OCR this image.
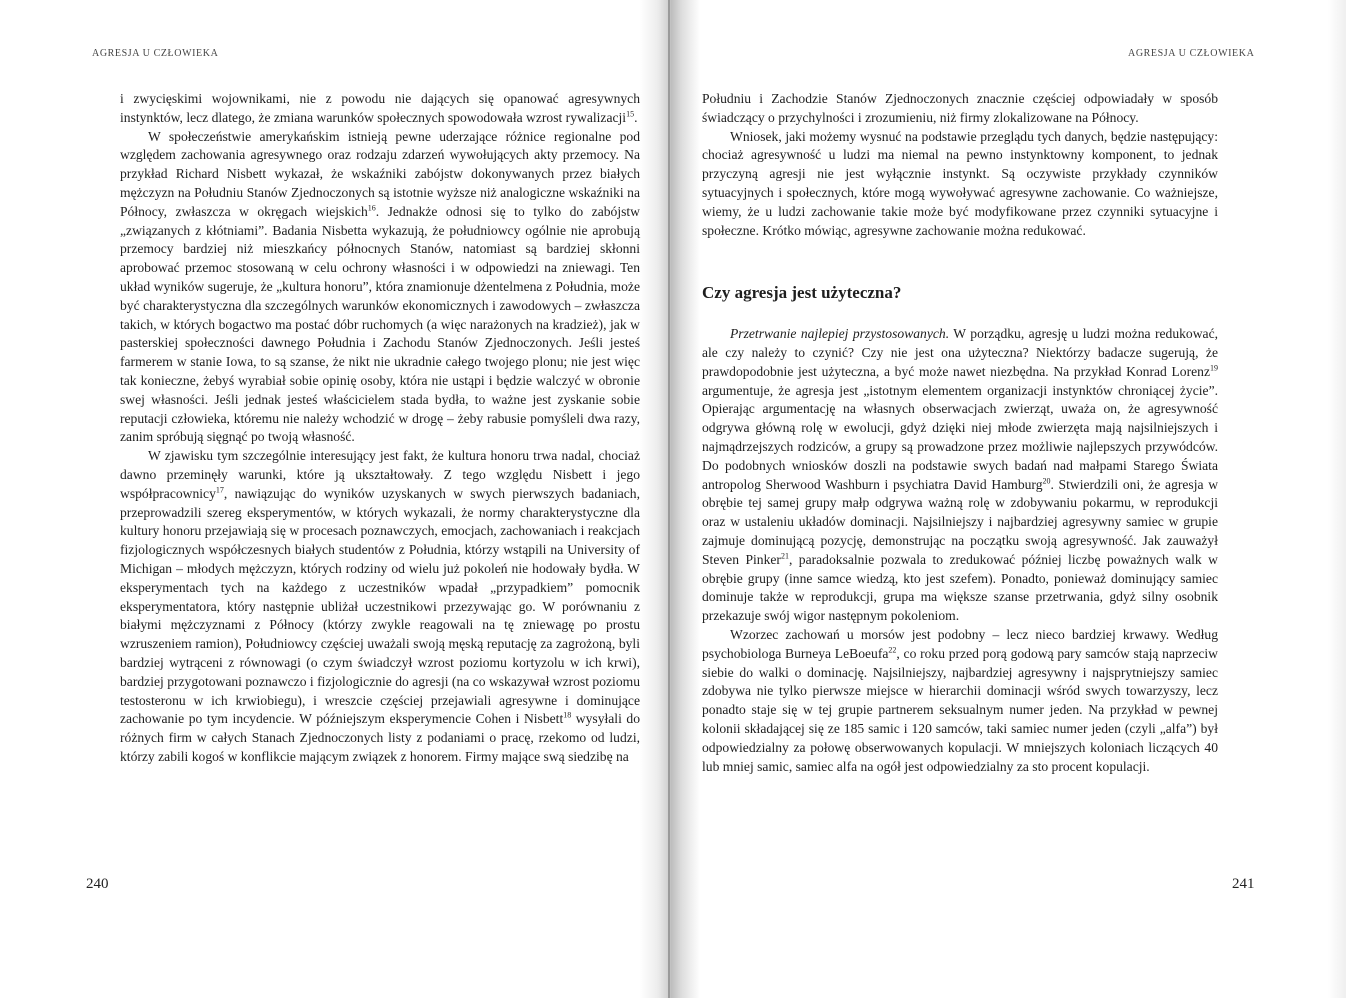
AGRESJA U CZŁOWIEKA	AGRESJA U CZŁOWIEKA

i zwycięskimi wojownikami, nie z powodu nie dających się opanować agresywnych instynktów, lecz dlatego, że zmiana warunków społecznych spowodowała wzrost rywalizacji$^{15}$.

W społeczeństwie amerykańskim istnieją pewne uderzające różnice regionalne pod względem zachowania agresywnego oraz rodzaju zdarzeń wywołujących akty przemocy. Na przykład Richard Nisbett wykazał, że wskaźniki zabójstw dokonywanych przez białych mężczyzn na Południu Stanów Zjednoczonych są istotnie wyższe niż analogiczne wskaźniki na Północy, zwłaszcza w okręgach wiejskich$^{16}$. Jednakże odnosi się to tylko do zabójstw „związanych z kłótniami”. Badania Nisbetta wykazują, że południowcy ogólnie nie aprobują przemocy bardziej niż mieszkańcy północnych Stanów, natomiast są bardziej skłonni aprobować przemoc stosowaną w celu ochrony własności i w odpowiedzi na zniewagi. Ten układ wyników sugeruje, że „kultura honoru”, która znamionuje dżentelmena z Południa, może być charakterystyczna dla szczególnych warunków ekonomicznych i zawodowych – zwłaszcza takich, w których bogactwo ma postać dóbr ruchomych (a więc narażonych na kradzież), jak w pasterskiej społeczności dawnego Południa i Zachodu Stanów Zjednoczonych. Jeśli jesteś farmerem w stanie Iowa, to są szanse, że nikt nie ukradnie całego twojego plonu; nie jest więc tak konieczne, żebyś wyrabiał sobie opinię osoby, która nie ustąpi i będzie walczyć w obronie swej własności. Jeśli jednak jesteś właścicielem stada bydła, to ważne jest zyskanie sobie reputacji człowieka, któremu nie należy wchodzić w drogę – żeby rabusie pomyśleli dwa razy, zanim spróbują sięgnąć po twoją własność.

W zjawisku tym szczególnie interesujący jest fakt, że kultura honoru trwa nadal, chociaż dawno przeminęły warunki, które ją ukształtowały. Z tego względu Nisbett i jego współpracownicy$^{17}$, nawiązując do wyników uzyskanych w swych pierwszych badaniach, przeprowadzili szereg eksperymentów, w których wykazali, że normy charakterystyczne dla kultury honoru przejawiają się w procesach poznawczych, emocjach, zachowaniach i reakcjach fizjologicznych współczesnych białych studentów z Południa, którzy wstąpili na University of Michigan – młodych mężczyzn, których rodziny od wielu już pokoleń nie hodowały bydła. W eksperymentach tych na każdego z uczestników wpadał „przypadkiem” pomocnik eksperymentatora, który następnie ubliżał uczestnikowi przezywając go. W porównaniu z białymi mężczyznami z Północy (którzy zwykle reagowali na tę zniewagę po prostu wzruszeniem ramion), Południowcy częściej uważali swoją męską reputację za zagrożoną, byli bardziej wytrąceni z równowagi (o czym świadczył wzrost poziomu kortyzolu w ich krwi), bardziej przygotowani poznawczo i fizjologicznie do agresji (na co wskazywał wzrost poziomu testosteronu w ich krwiobiegu), i wreszcie częściej przejawiali agresywne i dominujące zachowanie po tym incydencie. W późniejszym eksperymencie Cohen i Nisbett$^{18}$ wysyłali do różnych firm w całych Stanach Zjednoczonych listy z podaniami o pracę, rzekomo od ludzi, którzy zabili kogoś w konflikcie mającym związek z honorem. Firmy mające swą siedzibę na

Południu i Zachodzie Stanów Zjednoczonych znacznie częściej odpowiadały w sposób świadczący o przychylności i zrozumieniu, niż firmy zlokalizowane na Północy.

Wniosek, jaki możemy wysnuć na podstawie przeglądu tych danych, będzie następujący: chociaż agresywność u ludzi ma niemal na pewno instynktowny komponent, to jednak przyczyną agresji nie jest wyłącznie instynkt. Są oczywiste przykłady czynników sytuacyjnych i społecznych, które mogą wywoływać agresywne zachowanie. Co ważniejsze, wiemy, że u ludzi zachowanie takie może być modyfikowane przez czynniki sytuacyjne i społeczne. Krótko mówiąc, agresywne zachowanie można redukować.

Czy agresja jest użyteczna?

Przetrwanie najlepiej przystosowanych. W porządku, agresję u ludzi można redukować, ale czy należy to czynić? Czy nie jest ona użyteczna? Niektórzy badacze sugerują, że prawdopodobnie jest użyteczna, a być może nawet niezbędna. Na przykład Konrad Lorenz$^{19}$ argumentuje, że agresja jest „istotnym elementem organizacji instynktów chroniącej życie”. Opierając argumentację na własnych obserwacjach zwierząt, uważa on, że agresywność odgrywa główną rolę w ewolucji, gdyż dzięki niej młode zwierzęta mają najsilniejszych i najmądrzejszych rodziców, a grupy są prowadzone przez możliwie najlepszych przywódców. Do podobnych wniosków doszli na podstawie swych badań nad małpami Starego Świata antropolog Sherwood Washburn i psychiatra David Hamburg$^{20}$. Stwierdzili oni, że agresja w obrębie tej samej grupy małp odgrywa ważną rolę w zdobywaniu pokarmu, w reprodukcji oraz w ustaleniu układów dominacji. Najsilniejszy i najbardziej agresywny samiec w grupie zajmuje dominującą pozycję, demonstrując na początku swoją agresywność. Jak zauważył Steven Pinker$^{21}$, paradoksalnie pozwala to zredukować później liczbę poważnych walk w obrębie grupy (inne samce wiedzą, kto jest szefem). Ponadto, ponieważ dominujący samiec dominuje także w reprodukcji, grupa ma większe szanse przetrwania, gdyż silny osobnik przekazuje swój wigor następnym pokoleniom.

Wzorzec zachowań u morsów jest podobny – lecz nieco bardziej krwawy. Według psychobiologa Burneya LeBoeufa$^{22}$, co roku przed porą godową pary samców stają naprzeciw siebie do walki o dominację. Najsilniejszy, najbardziej agresywny i najsprytniejszy samiec zdobywa nie tylko pierwsze miejsce w hierarchii dominacji wśród swych towarzyszy, lecz ponadto staje się w tej grupie partnerem seksualnym numer jeden. Na przykład w pewnej kolonii składającej się ze 185 samic i 120 samców, taki samiec numer jeden (czyli „alfa”) był odpowiedzialny za połowę obserwowanych kopulacji. W mniejszych koloniach liczących 40 lub mniej samic, samiec alfa na ogół jest odpowiedzialny za sto procent kopulacji.

240	241
